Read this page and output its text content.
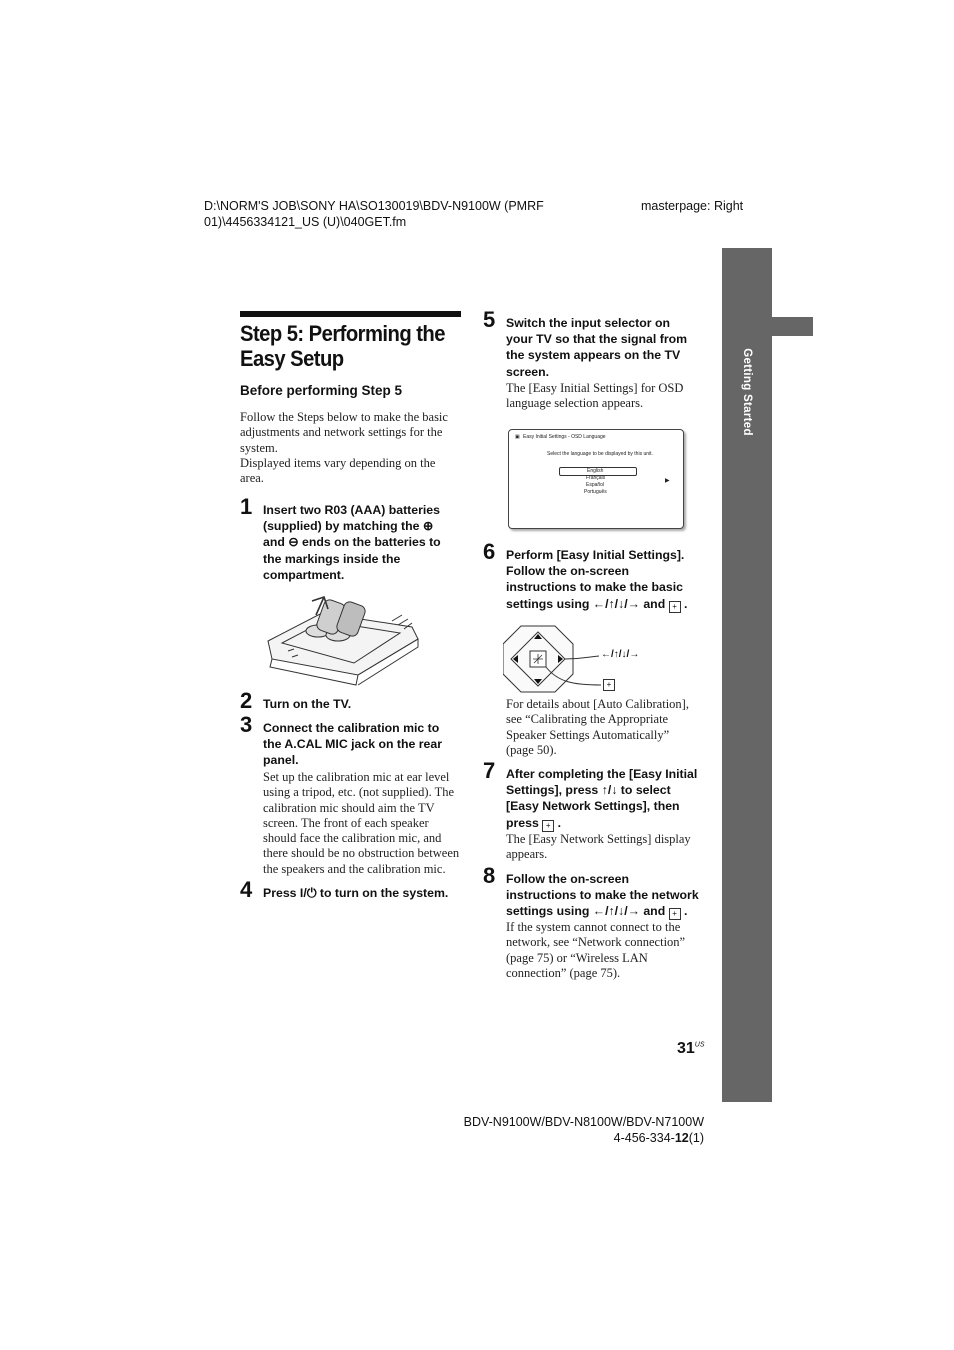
D:\NORM'S JOB\SONY HA\SO130019\BDV-N9100W (PMRF
01)\4456334121_US (U)\040GET.fm
masterpage: Right
Getting Started
Step 5: Performing the
Easy Setup
Before performing Step 5
Follow the Steps below to make the basic
adjustments and network settings for the
system.
Displayed items vary depending on the
area.
1 Insert two R03 (AAA) batteries
(supplied) by matching the ⊕
and ⊖ ends on the batteries to
the markings inside the
compartment.
2 Turn on the TV.
3 Connect the calibration mic to
the A.CAL MIC jack on the rear
panel.
Set up the calibration mic at ear level
using a tripod, etc. (not supplied). The
calibration mic should aim the TV
screen. The front of each speaker
should face the calibration mic, and
there should be no obstruction between
the speakers and the calibration mic.
4 Press I/⏻ to turn on the system.
5 Switch the input selector on
your TV so that the signal from
the system appears on the TV
screen.
The [Easy Initial Settings] for OSD
language selection appears.
▣ Easy Initial Settings - OSD Language
Select the language to be displayed by this unit.
English
Français
Español
Português
▶
6 Perform [Easy Initial Settings].
Follow the on-screen
instructions to make the basic
settings using ←/↑/↓/→ and + .
←/↑/↓/→
+
For details about [Auto Calibration],
see “Calibrating the Appropriate
Speaker Settings Automatically”
(page 50).
7 After completing the [Easy Initial
Settings], press ↑/↓ to select
[Easy Network Settings], then
press + .
The [Easy Network Settings] display
appears.
8 Follow the on-screen
instructions to make the network
settings using ←/↑/↓/→ and + .
If the system cannot connect to the
network, see “Network connection”
(page 75) or “Wireless LAN
connection” (page 75).
$31^{US}$
BDV-N9100W/BDV-N8100W/BDV-N7100W
4-456-334-12(1)
